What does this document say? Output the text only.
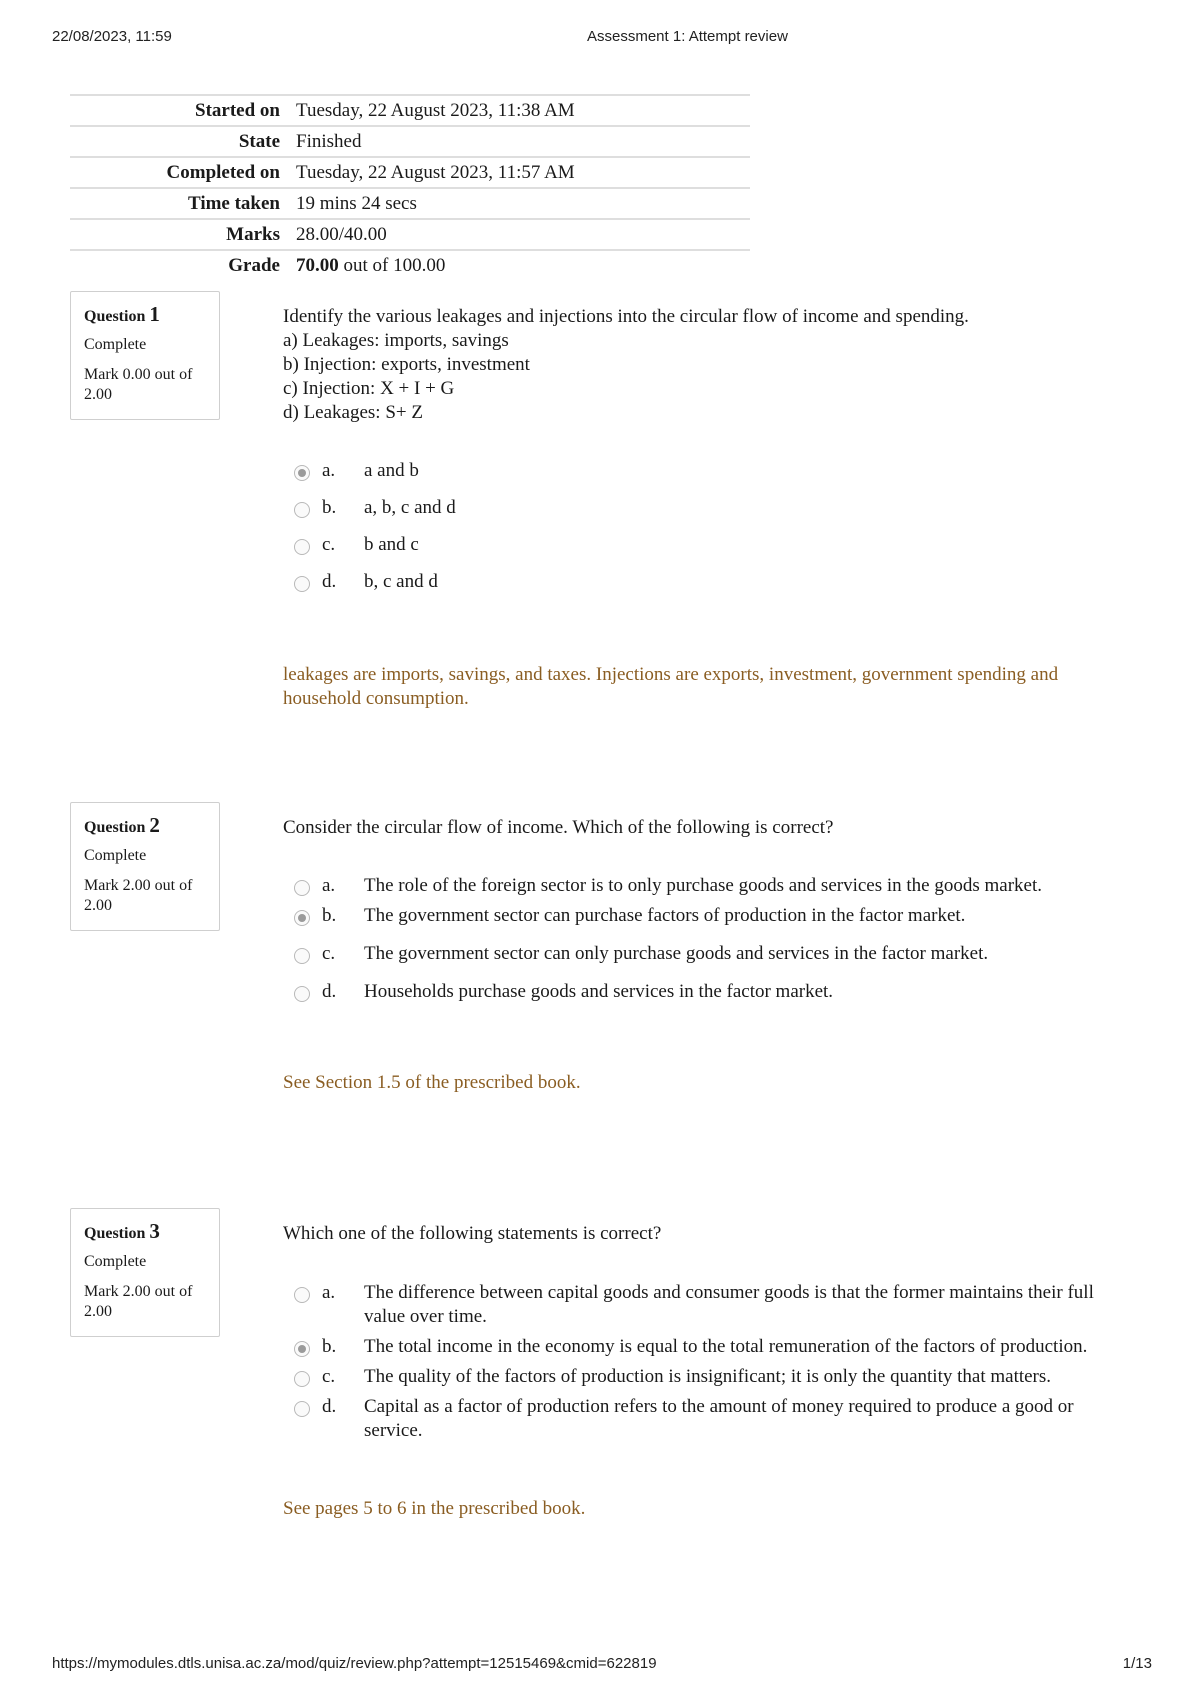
22/08/2023, 11:59	Assessment 1: Attempt review
Started on	Tuesday, 22 August 2023, 11:38 AM
State	Finished
Completed on	Tuesday, 22 August 2023, 11:57 AM
Time taken	19 mins 24 secs
Marks	28.00/40.00
Grade	70.00 out of 100.00
Question 1
Complete
Mark 0.00 out of 2.00
Identify the various leakages and injections into the circular flow of income and spending.
a) Leakages: imports, savings
b) Injection: exports, investment
c) Injection: X + I + G
d) Leakages: S+ Z
a. a and b
b. a, b, c and d
c. b and c
d. b, c and d
leakages are imports, savings, and taxes. Injections are exports, investment, government spending and household consumption.
Question 2
Complete
Mark 2.00 out of 2.00
Consider the circular flow of income. Which of the following is correct?
a. The role of the foreign sector is to only purchase goods and services in the goods market.
b. The government sector can purchase factors of production in the factor market.
c. The government sector can only purchase goods and services in the factor market.
d. Households purchase goods and services in the factor market.
See Section 1.5 of the prescribed book.
Question 3
Complete
Mark 2.00 out of 2.00
Which one of the following statements is correct?
a. The difference between capital goods and consumer goods is that the former maintains their full value over time.
b. The total income in the economy is equal to the total remuneration of the factors of production.
c. The quality of the factors of production is insignificant; it is only the quantity that matters.
d. Capital as a factor of production refers to the amount of money required to produce a good or service.
See pages 5 to 6 in the prescribed book.
https://mymodules.dtls.unisa.ac.za/mod/quiz/review.php?attempt=12515469&cmid=622819	1/13
